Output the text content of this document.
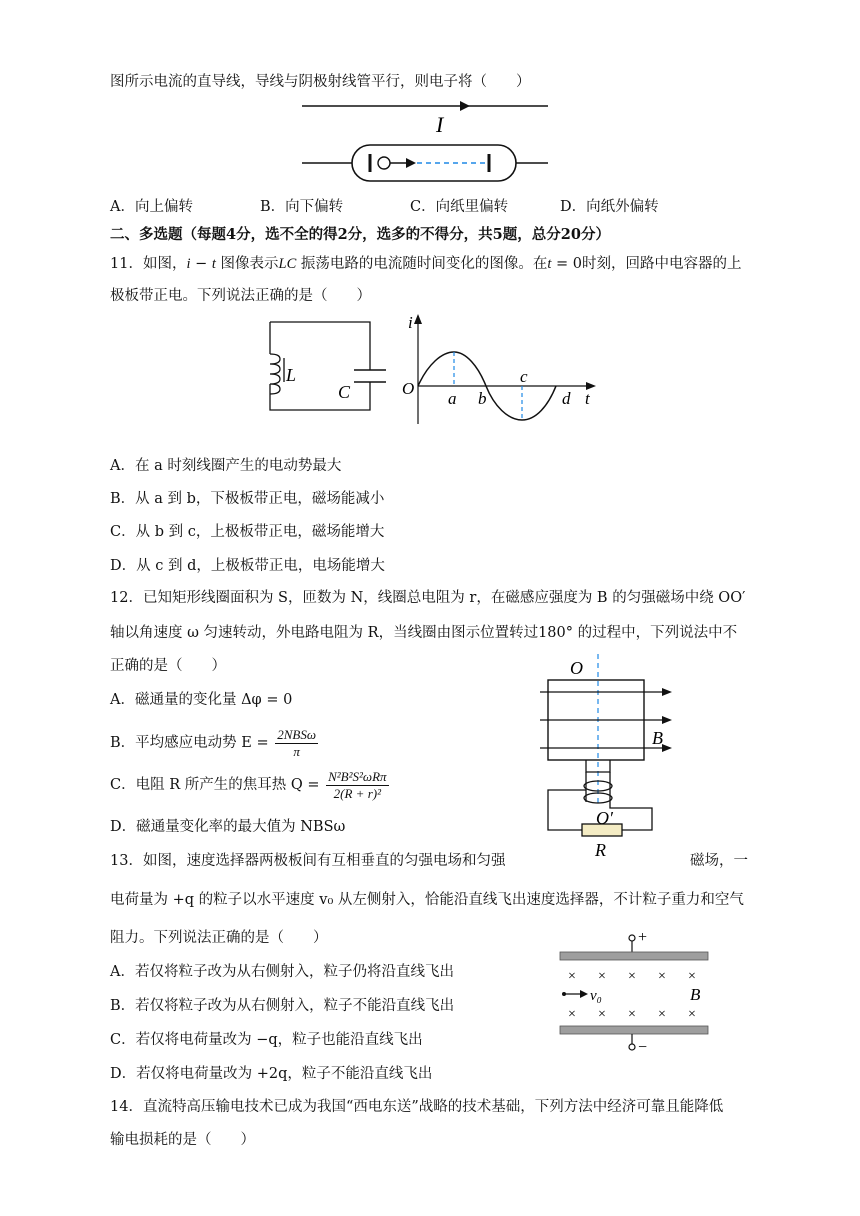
图所示电流的直导线，导线与阴极射线管平行，则电子将（　　）
I
A．向上偏转	B．向下偏转	C．向纸里偏转	D．向纸外偏转
二、多选题（每题4分，选不全的得2分，选多的不得分，共5题，总分20分）
11．如图，i − t 图像表示LC 振荡电路的电流随时间变化的图像。在t = 0时刻，回路中电容器的上
极板带正电。下列说法正确的是（　　）
L
C
i
O
a b
c
d t
A．在 a 时刻线圈产生的电动势最大
B．从 a 到 b，下极板带正电，磁场能减小
C．从 b 到 c，上极板带正电，磁场能增大
D．从 c 到 d，上极板带正电，电场能增大
12．已知矩形线圈面积为 S，匝数为 N，线圈总电阻为 r，在磁感应强度为 B 的匀强磁场中绕 OO′
轴以角速度 ω 匀速转动，外电路电阻为 R，当线圈由图示位置转过180° 的过程中，下列说法中不
正确的是（　　）
A．磁通量的变化量 Δφ = 0
B．平均感应电动势 $E = \frac{\text{2NBSω}}{\pi}$
C．电阻 R 所产生的焦耳热 $Q = \frac{\text{N²B²S²ωRπ}}{\text{2(R + r)²}}$
D．磁通量变化率的最大值为 NBSω
O
O′
B
R
13．如图，速度选择器两极板间有互相垂直的匀强电场和匀强	磁场，一
电荷量为 +q 的粒子以水平速度 v₀ 从左侧射入，恰能沿直线飞出速度选择器，不计粒子重力和空气
阻力。下列说法正确的是（　　）
A．若仅将粒子改为从右侧射入，粒子仍将沿直线飞出
B．若仅将粒子改为从右侧射入，粒子不能沿直线飞出
C．若仅将电荷量改为 −q，粒子也能沿直线飞出
D．若仅将电荷量改为 +2q，粒子不能沿直线飞出
+
−
× × × × ×
× × × × ×
v₀	B
14．直流特高压输电技术已成为我国“西电东送”战略的技术基础，下列方法中经济可靠且能降低
输电损耗的是（　　）
